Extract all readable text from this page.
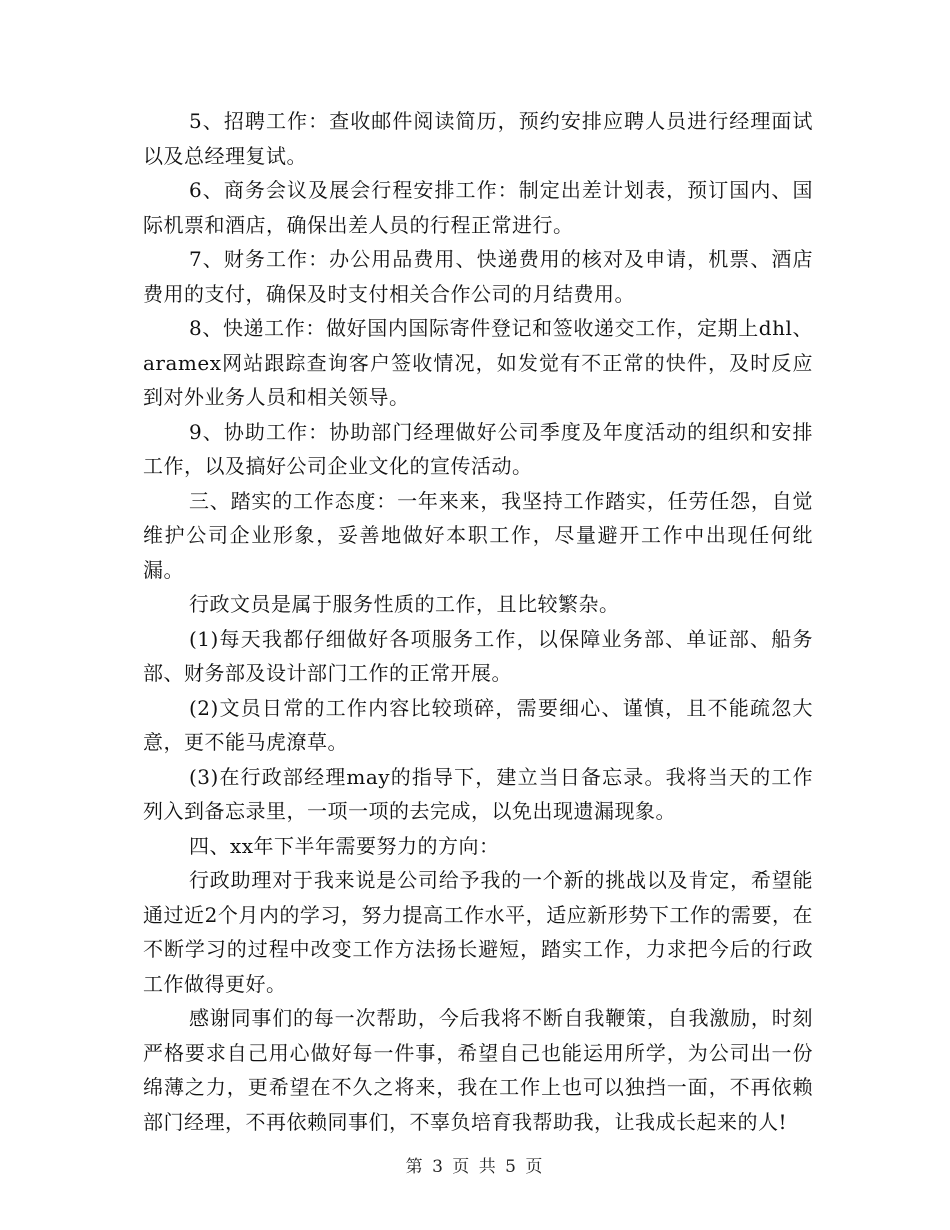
5、招聘工作：查收邮件阅读简历，预约安排应聘人员进行经理面试以及总经理复试。

6、商务会议及展会行程安排工作：制定出差计划表，预订国内、国际机票和酒店，确保出差人员的行程正常进行。

7、财务工作：办公用品费用、快递费用的核对及申请，机票、酒店费用的支付，确保及时支付相关合作公司的月结费用。

8、快递工作：做好国内国际寄件登记和签收递交工作，定期上dhl、aramex网站跟踪查询客户签收情况，如发觉有不正常的快件，及时反应到对外业务人员和相关领导。

9、协助工作：协助部门经理做好公司季度及年度活动的组织和安排工作，以及搞好公司企业文化的宣传活动。

三、踏实的工作态度：一年来来，我坚持工作踏实，任劳任怨，自觉维护公司企业形象，妥善地做好本职工作，尽量避开工作中出现任何纰漏。

行政文员是属于服务性质的工作，且比较繁杂。

(1)每天我都仔细做好各项服务工作，以保障业务部、单证部、船务部、财务部及设计部门工作的正常开展。

(2)文员日常的工作内容比较琐碎，需要细心、谨慎，且不能疏忽大意，更不能马虎潦草。

(3)在行政部经理may的指导下，建立当日备忘录。我将当天的工作列入到备忘录里，一项一项的去完成，以免出现遗漏现象。

四、xx年下半年需要努力的方向：

行政助理对于我来说是公司给予我的一个新的挑战以及肯定，希望能通过近2个月内的学习，努力提高工作水平，适应新形势下工作的需要，在不断学习的过程中改变工作方法扬长避短，踏实工作，力求把今后的行政工作做得更好。

感谢同事们的每一次帮助，今后我将不断自我鞭策，自我激励，时刻严格要求自己用心做好每一件事，希望自己也能运用所学，为公司出一份绵薄之力，更希望在不久之将来，我在工作上也可以独挡一面，不再依赖部门经理，不再依赖同事们，不辜负培育我帮助我，让我成长起来的人!

第 3 页 共 5 页
